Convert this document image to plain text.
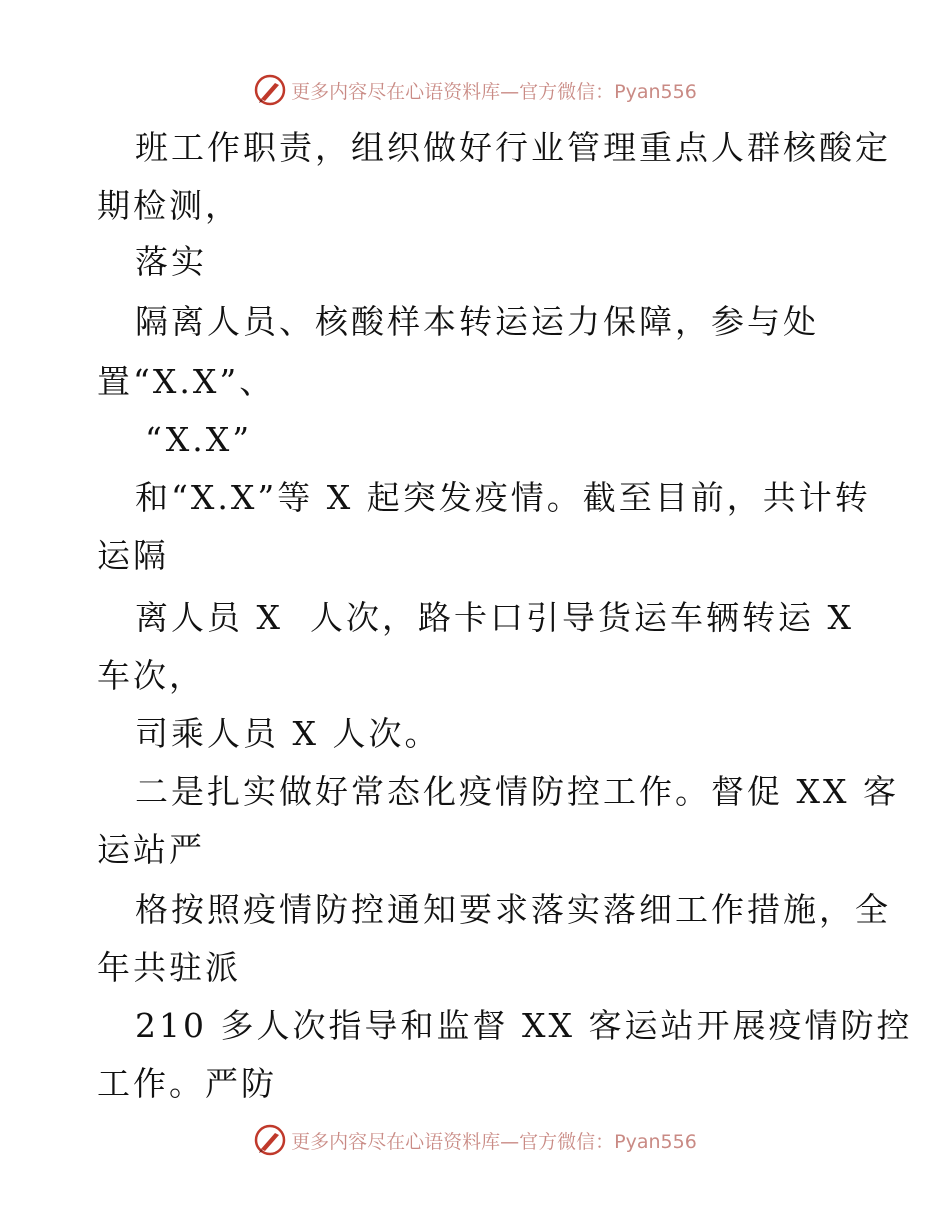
更多内容尽在心语资料库—官方微信：Pyan556
班工作职责，组织做好行业管理重点人群核酸定
期检测，
落实
隔离人员、核酸样本转运运力保障，参与处
置“X.X”、
“X.X”
和“X.X”等 X 起突发疫情。截至目前，共计转
运隔
离人员 X  人次，路卡口引导货运车辆转运 X
车次，
司乘人员 X 人次。
二是扎实做好常态化疫情防控工作。督促 XX 客
运站严
格按照疫情防控通知要求落实落细工作措施，全
年共驻派
210 多人次指导和监督 XX 客运站开展疫情防控
工作。严防
更多内容尽在心语资料库—官方微信：Pyan556
